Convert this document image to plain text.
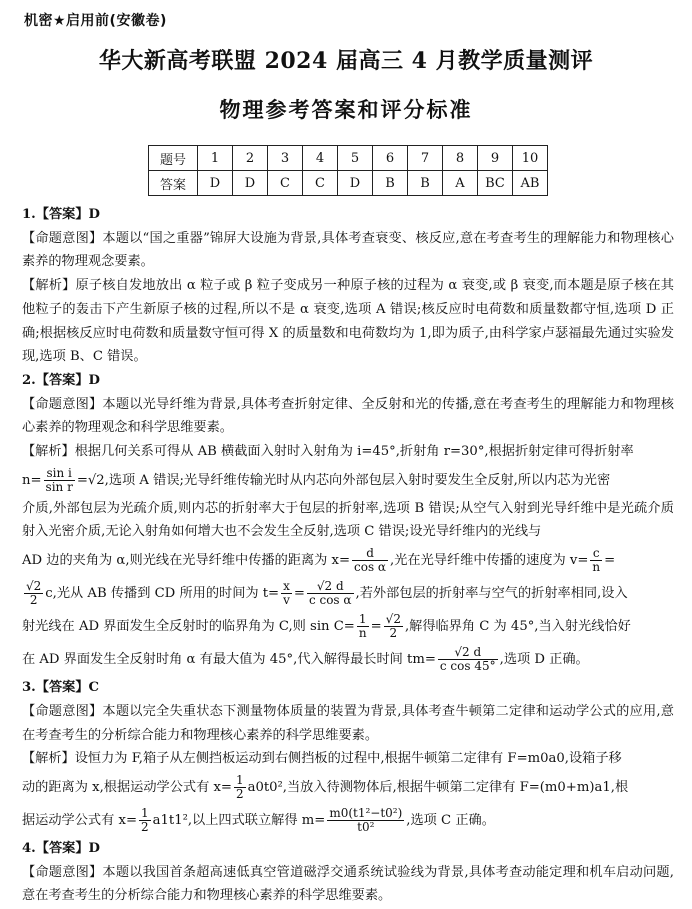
机密★启用前(安徽卷)
华大新高考联盟 2024 届高三 4 月教学质量测评
物理参考答案和评分标准
题号	1	2	3	4	5	6	7	8	9	10
答案	D	D	C	C	D	B	B	A	BC	AB

1.【答案】D

【命题意图】本题以“国之重器”锦屏大设施为背景,具体考查衰变、核反应,意在考查考生的理解能力和物理核心素养的物理观念要素。

【解析】原子核自发地放出 α 粒子或 β 粒子变成另一种原子核的过程为 α 衰变,或 β 衰变,而本题是原子核在其他粒子的轰击下产生新原子核的过程,所以不是 α 衰变,选项 A 错误;核反应时电荷数和质量数都守恒,选项 D 正确;根据核反应时电荷数和质量数守恒可得 X 的质量数和电荷数均为 1,即为质子,由科学家卢瑟福最先通过实验发现,选项 B、C 错误。

2.【答案】D

【命题意图】本题以光导纤维为背景,具体考查折射定律、全反射和光的传播,意在考查考生的理解能力和物理核心素养的物理观念和科学思维要素。

【解析】根据几何关系可得从 AB 横截面入射时入射角为 i=45°,折射角 r=30°,根据折射定律可得折射率

$n= \frac{\text{sin i}}{\text{sin r}} =√2$,选项 A 错误;光导纤维传输光时从内芯向外部包层入射时要发生全反射,所以内芯为光密

介质,外部包层为光疏介质,则内芯的折射率大于包层的折射率,选项 B 错误;从空气入射到光导纤维中是光疏介质射入光密介质,无论入射角如何增大也不会发生全反射,选项 C 错误;设光导纤维内的光线与

AD 边的夹角为 α,则光线在光导纤维中传播的距离为 $x= \frac{d}{\text{cos α}}$ ,光在光导纤维中传播的速度为 $v= \frac{c}{n}$ =

$\frac{√2}{2} c$,光从 AB 传播到 CD 所用的时间为 $t= \frac{x}{v} = \frac{√2 d}{\text{c cos α}}$ ,若外部包层的折射率与空气的折射率相同,设入

射光线在 AD 界面发生全反射时的临界角为 C,则 $\sin C= \frac{1}{n} = \frac{√2}{2}$ ,解得临界角 C 为 45°,当入射光线恰好

在 AD 界面发生全反射时角 α 有最大值为 45°,代入解得最长时间 $tm= \frac{√2 d}{\text{c cos 45°}}$ ,选项 D 正确。

3.【答案】C

【命题意图】本题以完全失重状态下测量物体质量的装置为背景,具体考查牛顿第二定律和运动学公式的应用,意在考查考生的分析综合能力和物理核心素养的科学思维要素。

【解析】设恒力为 F,箱子从左侧挡板运动到右侧挡板的过程中,根据牛顿第二定律有 F=m0a0,设箱子移

动的距离为 x,根据运动学公式有 $x= \frac{1}{2} a0t0^2$,当放入待测物体后,根据牛顿第二定律有 F=(m0+m)a1,根

据运动学公式有 $x= \frac{1}{2} a1t1^2$,以上四式联立解得 $m= \frac{\text{m0(t1²−t0²)}}{\text{t0²}}$ ,选项 C 正确。

4.【答案】D

【命题意图】本题以我国首条超高速低真空管道磁浮交通系统试验线为背景,具体考查动能定理和机车启动问题,意在考查考生的分析综合能力和物理核心素养的科学思维要素。
